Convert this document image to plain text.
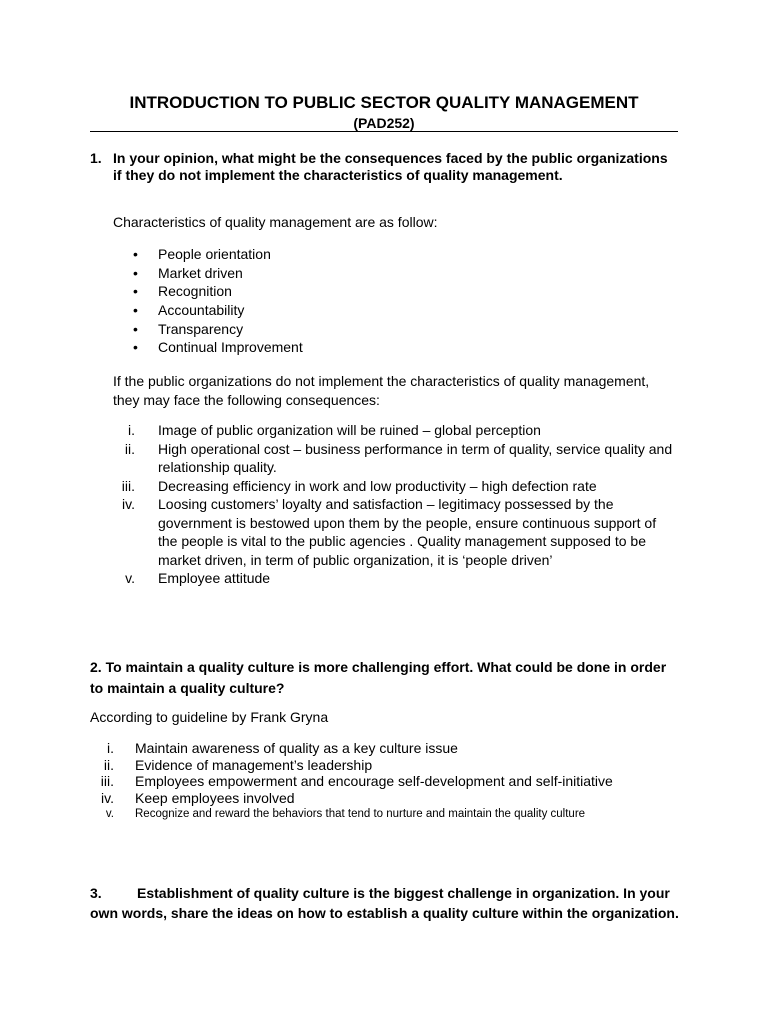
INTRODUCTION TO PUBLIC SECTOR QUALITY MANAGEMENT
(PAD252)
1. In your opinion, what might be the consequences faced by the public organizations if they do not implement the characteristics of quality management.
Characteristics of quality management are as follow:
• People orientation
• Market driven
• Recognition
• Accountability
• Transparency
• Continual Improvement
If the public organizations do not implement the characteristics of quality management, they may face the following consequences:
i. Image of public organization will be ruined – global perception
ii. High operational cost – business performance in term of quality, service quality and relationship quality.
iii. Decreasing efficiency in work and low productivity – high defection rate
iv. Loosing customers’ loyalty and satisfaction – legitimacy possessed by the government is bestowed upon them by the people, ensure continuous support of the people is vital to the public agencies . Quality management supposed to be market driven, in term of public organization, it is ‘people driven’
v. Employee attitude
2. To maintain a quality culture is more challenging effort. What could be done in order to maintain a quality culture?
According to guideline by Frank Gryna
i. Maintain awareness of quality as a key culture issue
ii. Evidence of management’s leadership
iii. Employees empowerment and encourage self-development and self-initiative
iv. Keep employees involved
v. Recognize and reward the behaviors that tend to nurture and maintain the quality culture
3.	Establishment of quality culture is the biggest challenge in organization. In your own words, share the ideas on how to establish a quality culture within the organization.
